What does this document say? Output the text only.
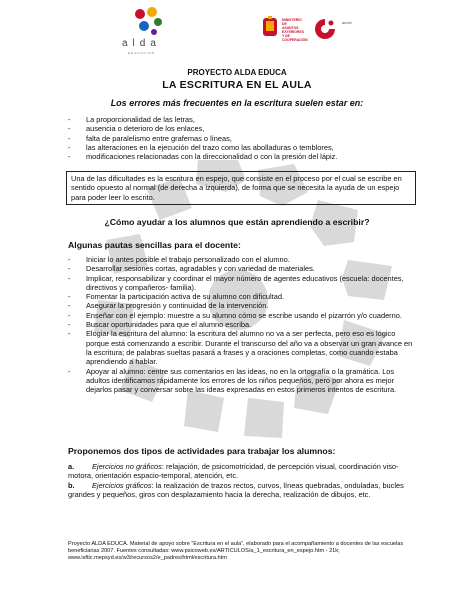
alda
EDUCACION
MINISTERIO DE ASUNTOS EXTERIORES Y DE COOPERACIÓN
aecid
PROYECTO ALDA EDUCA
LA ESCRITURA EN EL AULA
Los errores más frecuentes en la escritura suelen estar en:
- La proporcionalidad de las letras,
- ausencia o deterioro de los enlaces,
- falta de paralelismo entre grafemas o líneas,
- las alteraciones en la ejecución del trazo como las abolladuras o temblores,
- modificaciones relacionadas con la direccionalidad o con la presión del lápiz.
Una de las dificultades es la escritura en espejo, que consiste en el proceso por el cual se escribe en sentido opuesto al normal (de derecha a izquierda), de forma que se necesita la ayuda de un espejo para poder leer lo escrito.
¿Cómo ayudar a los alumnos que están aprendiendo a escribir?
Algunas pautas sencillas para el docente:
- Iniciar lo antes posible el trabajo personalizado con el alumno.
- Desarrollar sesiones cortas, agradables y con variedad de materiales.
- Implicar, responsabilizar y coordinar el mayor número de agentes educativos (escuela: docentes, directivos y compañeros- familia).
- Fomentar la participación activa de su alumno con dificultad.
- Asegurar la progresión y continuidad de la intervención.
- Enseñar con el ejemplo: muestre a su alumno cómo se escribe usando el pizarrón y/o cuaderno.
- Buscar oportunidades para que el alumno escriba.
- Elogiar la escritura del alumno: la escritura del alumno no va a ser perfecta, pero eso es lógico porque está comenzando a escribir. Durante el transcurso del año va a observar un gran avance en la escritura; de palabras sueltas pasará a frases y a oraciones completas, como cuando estaba aprendiendo a hablar.
- Apoyar al alumno: centre sus comentarios en las ideas, no en la ortografía o la gramática. Los adultos identificamos rápidamente los errores de los niños pequeños, pero por ahora es mejor dejarlos pasar y conversar sobre las ideas expresadas en estos primeros intentos de escritura.
Proponemos dos tipos de actividades para trabajar los alumnos:
a. Ejercicios no gráficos: relajación, de psicomotricidad, de percepción visual, coordinación viso-motora, orientación espacio-temporal, atención, etc.
b. Ejercicios gráficos: la realización de trazos rectos, curvos, líneas quebradas, onduladas, bucles grandes y pequeños, giros con desplazamiento hacia la derecha, realización de dibujos, etc.
Proyecto ALDA EDUCA. Material de apoyo sobre “Escritura en el aula”, elaborado para el acompañamiento a docentes de las escuelas beneficiarias 2007. Fuentes consultadas: www.psicoweb.es/ARTICULOS/a_1_escritura_en_espejo.htm - 21k; www.isftic.mepsyd.es/w3/recursos2/e_padres/html/escritura.htm
